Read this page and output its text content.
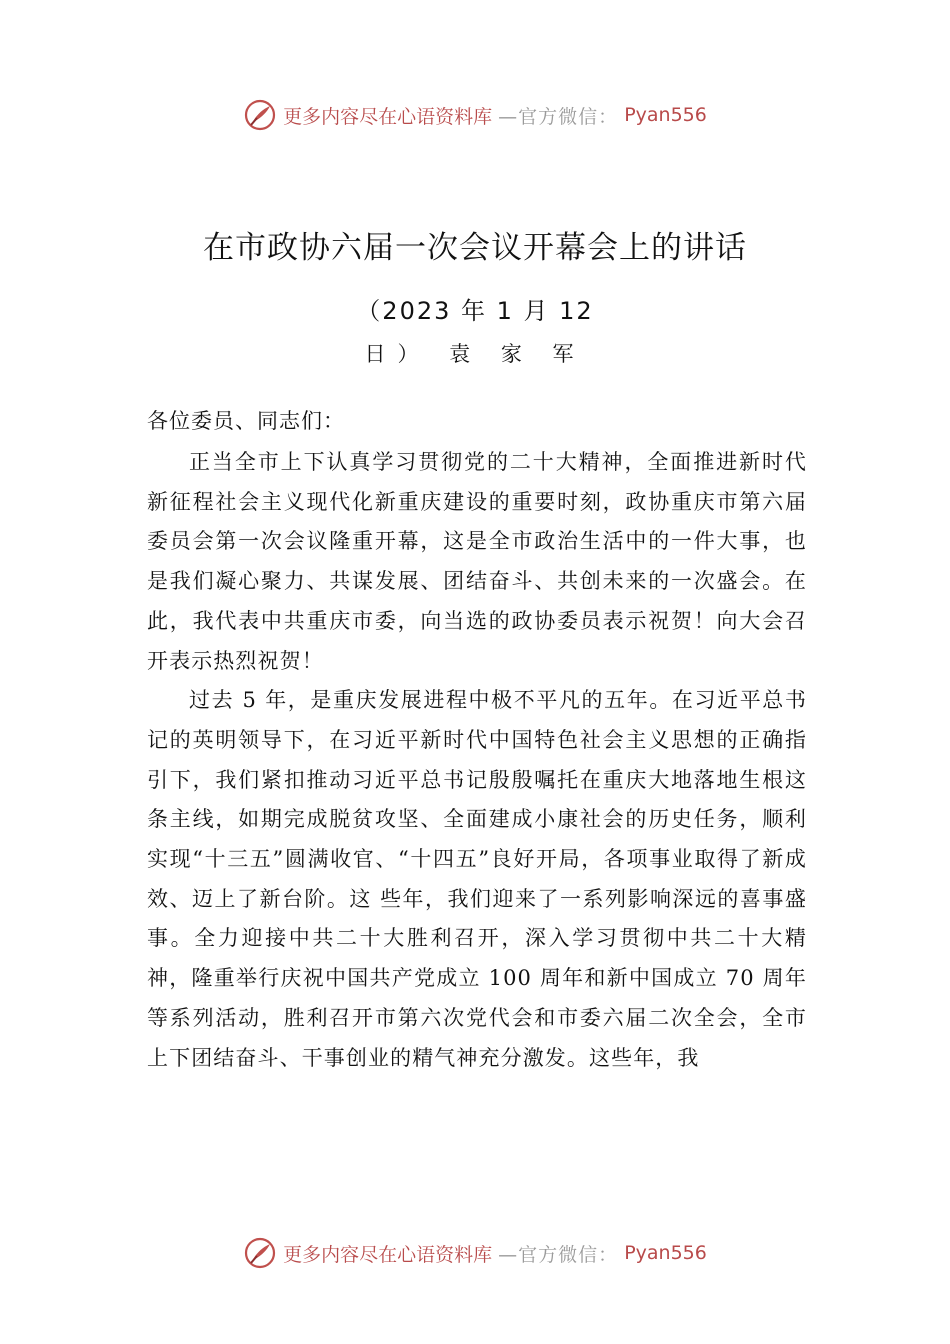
更多内容尽在心语资料库 —官方微信： Pyan556
在市政协六届一次会议开幕会上的讲话
（2023 年 1 月 12
日） 袁 家 军
各位委员、同志们：

正当全市上下认真学习贯彻党的二十大精神，全面推进新时代新征程社会主义现代化新重庆建设的重要时刻，政协重庆市第六届委员会第一次会议隆重开幕，这是全市政治生活中的一件大事，也是我们凝心聚力、共谋发展、团结奋斗、共创未来的一次盛会。在此，我代表中共重庆市委，向当选的政协委员表示祝贺！向大会召开表示热烈祝贺！

过去 5 年，是重庆发展进程中极不平凡的五年。在习近平总书记的英明领导下，在习近平新时代中国特色社会主义思想的正确指引下，我们紧扣推动习近平总书记殷殷嘱托在重庆大地落地生根这条主线，如期完成脱贫攻坚、全面建成小康社会的历史任务，顺利实现“十三五”圆满收官、“十四五”良好开局，各项事业取得了新成效、迈上了新台阶。这 些年，我们迎来了一系列影响深远的喜事盛事。全力迎接中共二十大胜利召开，深入学习贯彻中共二十大精神，隆重举行庆祝中国共产党成立 100 周年和新中国成立 70 周年等系列活动，胜利召开市第六次党代会和市委六届二次全会，全市上下团结奋斗、干事创业的精气神充分激发。这些年，我

更多内容尽在心语资料库 —官方微信： Pyan556
